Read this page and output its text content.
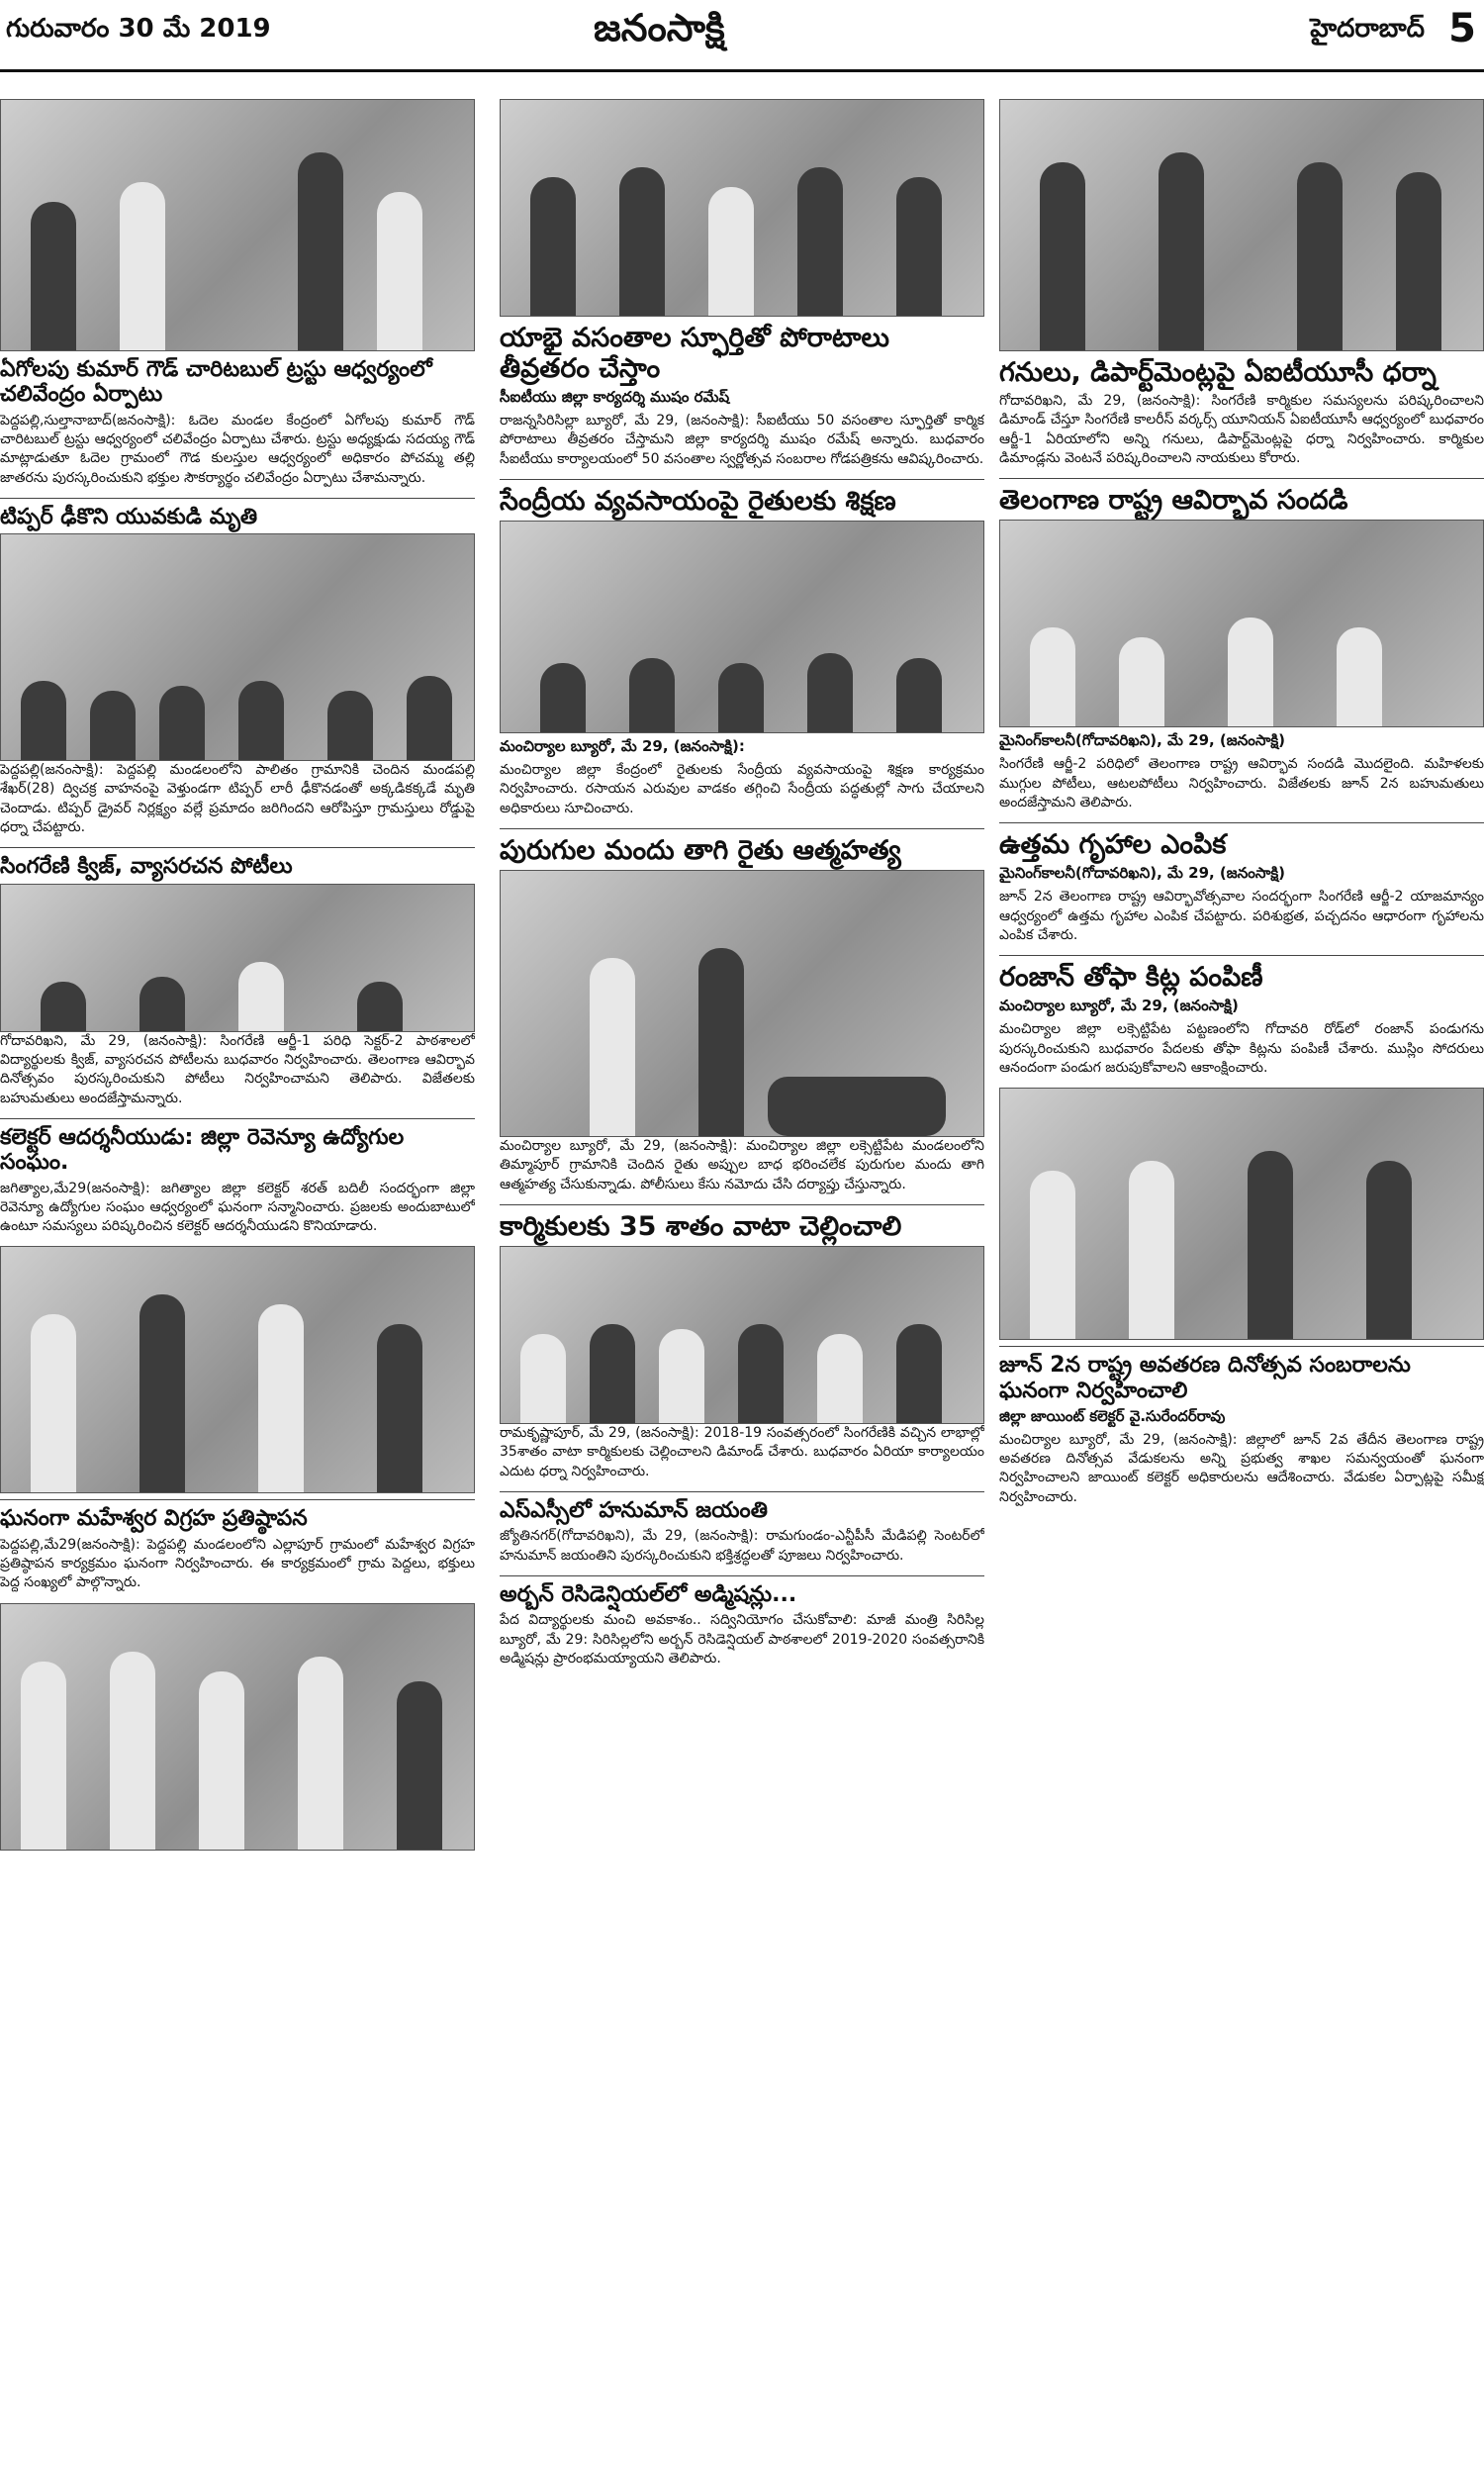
గురువారం 30 మే 2019	జనంసాక్షి	హైదరాబాద్ 5
ఏగోలపు కుమార్ గౌడ్ చారిటబుల్ ట్రస్టు ఆధ్వర్యంలో చలివేంద్రం ఏర్పాటు

పెద్దపల్లి,సుల్తానాబాద్(జనంసాక్షి): ఓదెల మండల కేంద్రంలో ఏగోలపు కుమార్ గౌడ్ చారిటబుల్ ట్రస్టు ఆధ్వర్యంలో చలివేంద్రం ఏర్పాటు చేశారు. ట్రస్టు అధ్యక్షుడు సదయ్య గౌడ్ మాట్లాడుతూ ఓదెల గ్రామంలో గౌడ కులస్తుల ఆధ్వర్యంలో అధికారం పోచమ్మ తల్లి జాతరను పురస్కరించుకుని భక్తుల సౌకర్యార్థం చలివేంద్రం ఏర్పాటు చేశామన్నారు.

టిప్పర్ ఢీకొని యువకుడి మృతి

పెద్దపల్లి(జనంసాక్షి): పెద్దపల్లి మండలంలోని పాలితం గ్రామానికి చెందిన మండపల్లి శేఖర్(28) ద్విచక్ర వాహనంపై వెళ్తుండగా టిప్పర్ లారీ ఢీకొనడంతో అక్కడికక్కడే మృతి చెందాడు. టిప్పర్ డ్రైవర్ నిర్లక్ష్యం వల్లే ప్రమాదం జరిగిందని ఆరోపిస్తూ గ్రామస్తులు రోడ్డుపై ధర్నా చేపట్టారు.

సింగరేణి క్విజ్, వ్యాసరచన పోటీలు

గోదావరిఖని, మే 29, (జనంసాక్షి): సింగరేణి ఆర్జీ-1 పరిధి సెక్టర్-2 పాఠశాలలో విద్యార్థులకు క్విజ్, వ్యాసరచన పోటీలను బుధవారం నిర్వహించారు. తెలంగాణ ఆవిర్భావ దినోత్సవం పురస్కరించుకుని పోటీలు నిర్వహించామని తెలిపారు. విజేతలకు బహుమతులు అందజేస్తామన్నారు.

కలెక్టర్ ఆదర్శనీయుడు: జిల్లా రెవెన్యూ ఉద్యోగుల సంఘం.

జగిత్యాల,మే29(జనంసాక్షి): జగిత్యాల జిల్లా కలెక్టర్ శరత్ బదిలీ సందర్భంగా జిల్లా రెవెన్యూ ఉద్యోగుల సంఘం ఆధ్వర్యంలో ఘనంగా సన్మానించారు. ప్రజలకు అందుబాటులో ఉంటూ సమస్యలు పరిష్కరించిన కలెక్టర్ ఆదర్శనీయుడని కొనియాడారు.

ఘనంగా మహేశ్వర విగ్రహ ప్రతిష్ఠాపన

పెద్దపల్లి,మే29(జనంసాక్షి): పెద్దపల్లి మండలంలోని ఎల్లాపూర్ గ్రామంలో మహేశ్వర విగ్రహ ప్రతిష్ఠాపన కార్యక్రమం ఘనంగా నిర్వహించారు. ఈ కార్యక్రమంలో గ్రామ పెద్దలు, భక్తులు పెద్ద సంఖ్యలో పాల్గొన్నారు.

యాభై వసంతాల స్ఫూర్తితో పోరాటాలు తీవ్రతరం చేస్తాం
సీఐటీయు జిల్లా కార్యదర్శి ముషం రమేష్

రాజన్నసిరిసిల్లా బ్యూరో, మే 29, (జనంసాక్షి): సీఐటీయు 50 వసంతాల స్ఫూర్తితో కార్మిక పోరాటాలు తీవ్రతరం చేస్తామని జిల్లా కార్యదర్శి ముషం రమేష్ అన్నారు. బుధవారం సీఐటీయు కార్యాలయంలో 50 వసంతాల స్వర్ణోత్సవ సంబరాల గోడపత్రికను ఆవిష్కరించారు.

సేంద్రీయ వ్యవసాయంపై రైతులకు శిక్షణ
మంచిర్యాల బ్యూరో, మే 29, (జనంసాక్షి):

మంచిర్యాల జిల్లా కేంద్రంలో రైతులకు సేంద్రీయ వ్యవసాయంపై శిక్షణ కార్యక్రమం నిర్వహించారు. రసాయన ఎరువుల వాడకం తగ్గించి సేంద్రీయ పద్ధతుల్లో సాగు చేయాలని అధికారులు సూచించారు.

పురుగుల మందు తాగి రైతు ఆత్మహత్య

మంచిర్యాల బ్యూరో, మే 29, (జనంసాక్షి): మంచిర్యాల జిల్లా లక్సెట్టిపేట మండలంలోని తిమ్మాపూర్ గ్రామానికి చెందిన రైతు అప్పుల బాధ భరించలేక పురుగుల మందు తాగి ఆత్మహత్య చేసుకున్నాడు. పోలీసులు కేసు నమోదు చేసి దర్యాప్తు చేస్తున్నారు.

కార్మికులకు 35 శాతం వాటా చెల్లించాలి

రామకృష్ణాపూర్, మే 29, (జనంసాక్షి): 2018-19 సంవత్సరంలో సింగరేణికి వచ్చిన లాభాల్లో 35శాతం వాటా కార్మికులకు చెల్లించాలని డిమాండ్ చేశారు. బుధవారం ఏరియా కార్యాలయం ఎదుట ధర్నా నిర్వహించారు.

ఎస్ఎస్సీలో హనుమాన్ జయంతి

జ్యోతినగర్(గోదావరిఖని), మే 29, (జనంసాక్షి): రామగుండం-ఎన్టీపీసీ మేడిపల్లి సెంటర్‌లో హనుమాన్ జయంతిని పురస్కరించుకుని భక్తిశ్రద్ధలతో పూజలు నిర్వహించారు.

అర్బన్ రెసిడెన్షియల్‌లో అడ్మిషన్లు...

పేద విద్యార్థులకు మంచి అవకాశం.. సద్వినియోగం చేసుకోవాలి: మాజీ మంత్రి సిరిసిల్ల బ్యూరో, మే 29: సిరిసిల్లలోని అర్బన్ రెసిడెన్షియల్ పాఠశాలలో 2019-2020 సంవత్సరానికి అడ్మిషన్లు ప్రారంభమయ్యాయని తెలిపారు.

గనులు, డిపార్ట్‌మెంట్లపై ఏఐటీయూసీ ధర్నా

గోదావరిఖని, మే 29, (జనంసాక్షి): సింగరేణి కార్మికుల సమస్యలను పరిష్కరించాలని డిమాండ్ చేస్తూ సింగరేణి కాలరీస్ వర్కర్స్ యూనియన్ ఏఐటీయూసీ ఆధ్వర్యంలో బుధవారం ఆర్జీ-1 ఏరియాలోని అన్ని గనులు, డిపార్ట్‌మెంట్లపై ధర్నా నిర్వహించారు. కార్మికుల డిమాండ్లను వెంటనే పరిష్కరించాలని నాయకులు కోరారు.

తెలంగాణ రాష్ట్ర ఆవిర్భావ సందడి
మైనింగ్‌కాలనీ(గోదావరిఖని), మే 29, (జనంసాక్షి)

సింగరేణి ఆర్జీ-2 పరిధిలో తెలంగాణ రాష్ట్ర ఆవిర్భావ సందడి మొదలైంది. మహిళలకు ముగ్గుల పోటీలు, ఆటలపోటీలు నిర్వహించారు. విజేతలకు జూన్ 2న బహుమతులు అందజేస్తామని తెలిపారు.

ఉత్తమ గృహాల ఎంపిక
మైనింగ్‌కాలనీ(గోదావరిఖని), మే 29, (జనంసాక్షి)

జూన్ 2న తెలంగాణ రాష్ట్ర ఆవిర్భావోత్సవాల సందర్భంగా సింగరేణి ఆర్జీ-2 యాజమాన్యం ఆధ్వర్యంలో ఉత్తమ గృహాల ఎంపిక చేపట్టారు. పరిశుభ్రత, పచ్చదనం ఆధారంగా గృహాలను ఎంపిక చేశారు.

రంజాన్ తోఫా కిట్ల పంపిణీ
మంచిర్యాల బ్యూరో, మే 29, (జనంసాక్షి)

మంచిర్యాల జిల్లా లక్సెట్టిపేట పట్టణంలోని గోదావరి రోడ్‌లో రంజాన్ పండుగను పురస్కరించుకుని బుధవారం పేదలకు తోఫా కిట్లను పంపిణీ చేశారు. ముస్లిం సోదరులు ఆనందంగా పండుగ జరుపుకోవాలని ఆకాంక్షించారు.

జూన్ 2న రాష్ట్ర అవతరణ దినోత్సవ సంబరాలను ఘనంగా నిర్వహించాలి
జిల్లా జాయింట్ కలెక్టర్ వై.సురేందర్‌రావు

మంచిర్యాల బ్యూరో, మే 29, (జనంసాక్షి): జిల్లాలో జూన్ 2వ తేదీన తెలంగాణ రాష్ట్ర అవతరణ దినోత్సవ వేడుకలను అన్ని ప్రభుత్వ శాఖల సమన్వయంతో ఘనంగా నిర్వహించాలని జాయింట్ కలెక్టర్ అధికారులను ఆదేశించారు. వేడుకల ఏర్పాట్లపై సమీక్ష నిర్వహించారు.
